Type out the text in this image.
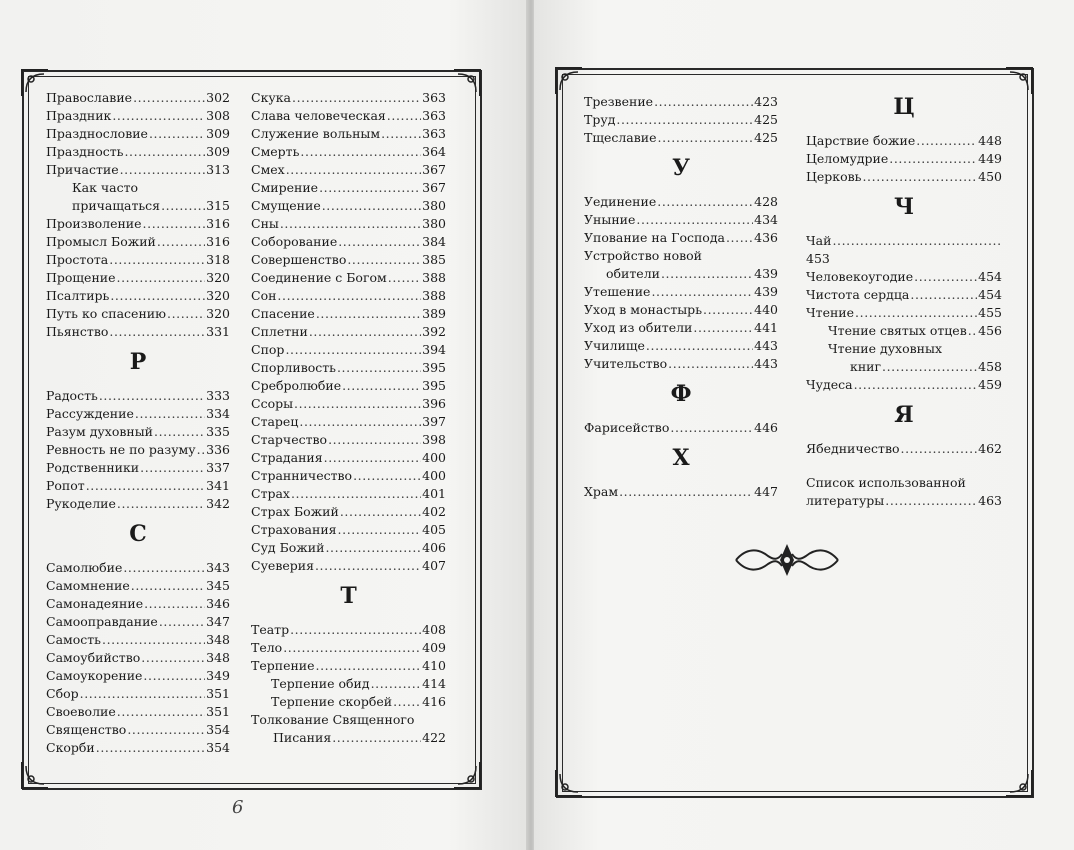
Православие .....	302
Праздник .....	308
Празднословие .....	309
Праздность .....	309
Причастие .....	313
Как часто
причащаться .....	315
Произволение .....	316
Промысл Божий .....	316
Простота .....	318
Прощение .....	320
Псалтирь .....	320
Путь ко спасению .....	320
Пьянство .....	331
Р
Радость .....	333
Рассуждение .....	334
Разум духовный .....	335
Ревность не по разуму ..... 336
Родственники .....	337
Ропот .....	341
Рукоделие .....	342
С
Самолюбие .....	343
Самомнение .....	345
Самонадеяние .....	346
Самооправдание .....	347
Самость .....	348
Самоубийство .....	348
Самоукорение .....	349
Сбор .....	351
Своеволие .....	351
Священство .....	354
Скорби .....	354
Скука .....	363
Слава человеческая .....	363
Служение вольным .....	363
Смерть .....	364
Смех .....	367
Смирение .....	367
Смущение .....	380
Сны .....	380
Соборование .....	384
Совершенство .....	385
Соединение с Богом .....	388
Сон .....	388
Спасение .....	389
Сплетни .....	392
Спор .....	394
Спорливость .....	395
Сребролюбие .....	395
Ссоры .....	396
Старец .....	397
Старчество .....	398
Страдания .....	400
Странничество .....	400
Страх .....	401
Страх Божий .....	402
Страхования .....	405
Суд Божий .....	406
Суеверия .....	407
Т
Театр .....	408
Тело .....	409
Терпение .....	410
Терпение обид .....	414
Терпение скорбей ..... 416
Толкование Священного
Писания .....	422
6
Трезвение .....	423
Труд .....	425
Тщеславие .....	425
У
Уединение .....	428
Уныние .....	434
Упование на Господа ..... 436
Устройство новой
обители .....	439
Утешение .....	439
Уход в монастырь .....	440
Уход из обители .....	441
Училище .....	443
Учительство .....	443
Ф
Фарисейство .....	446
Х
Храм .....	447
Ц
Царствие божие .....	448
Целомудрие .....	449
Церковь .....	450
Ч
Чай
.....
453
Человекоугодие .....	454
Чистота сердца .....	454
Чтение .....	455
Чтение святых отцев ..... 456
Чтение духовных
книг .....	458
Чудеса .....	459
Я
Ябедничество .....	462
Список использованной
литературы .....	463
